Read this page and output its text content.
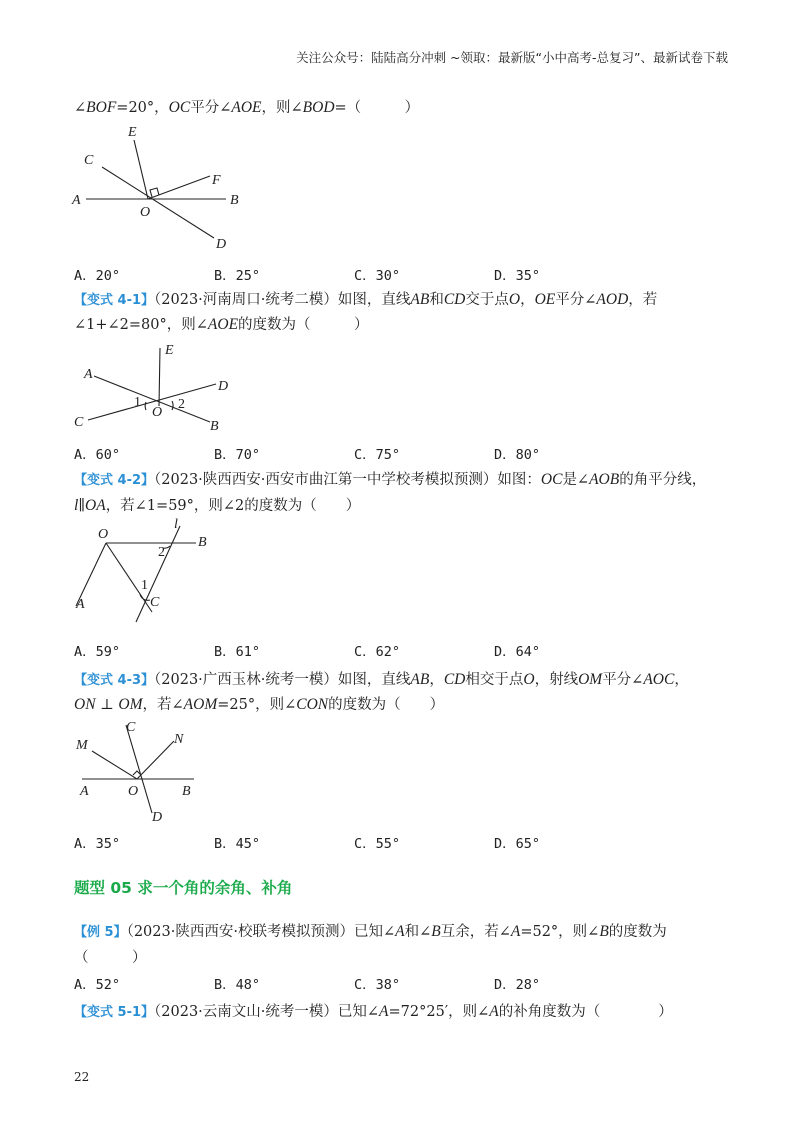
关注公众号：陆陆高分冲刺 ~领取：最新版“小中高考-总复习”、最新试卷下载
∠BOF=20°，OC平分∠AOE，则∠BOD=（　　　）
E
C
F
A
O
B
D
A．20°	B．25°	C．30°	D．35°
【变式 4-1】（2023·河南周口·统考二模）如图，直线AB和CD交于点O，OE平分∠AOD，若
∠1+∠2=80°，则∠AOE的度数为（　　　）
E
A
D
1	2
O
C	B
A．60°	B．70°	C．75°	D．80°
【变式 4-2】（2023·陕西西安·西安市曲江第一中学校考模拟预测）如图：OC是∠AOB的角平分线，
l∥OA，若∠1=59°，则∠2的度数为（　　）
O
l
B
2
1
C
A
A．59°	B．61°	C．62°	D．64°
【变式 4-3】（2023·广西玉林·统考一模）如图，直线AB，CD相交于点O，射线OM平分∠AOC，
ON ⊥ OM，若∠AOM=25°，则∠CON的度数为（　　）
C
M	N
A	O	B
D
A．35°	B．45°	C．55°	D．65°
题型 05 求一个角的余角、补角
【例 5】（2023·陕西西安·校联考模拟预测）已知∠A和∠B互余，若∠A=52°，则∠B的度数为
（　　　）
A．52°	B．48°	C．38°	D．28°
【变式 5-1】（2023·云南文山·统考一模）已知∠A=72°25′，则∠A的补角度数为（　　　　）
22
